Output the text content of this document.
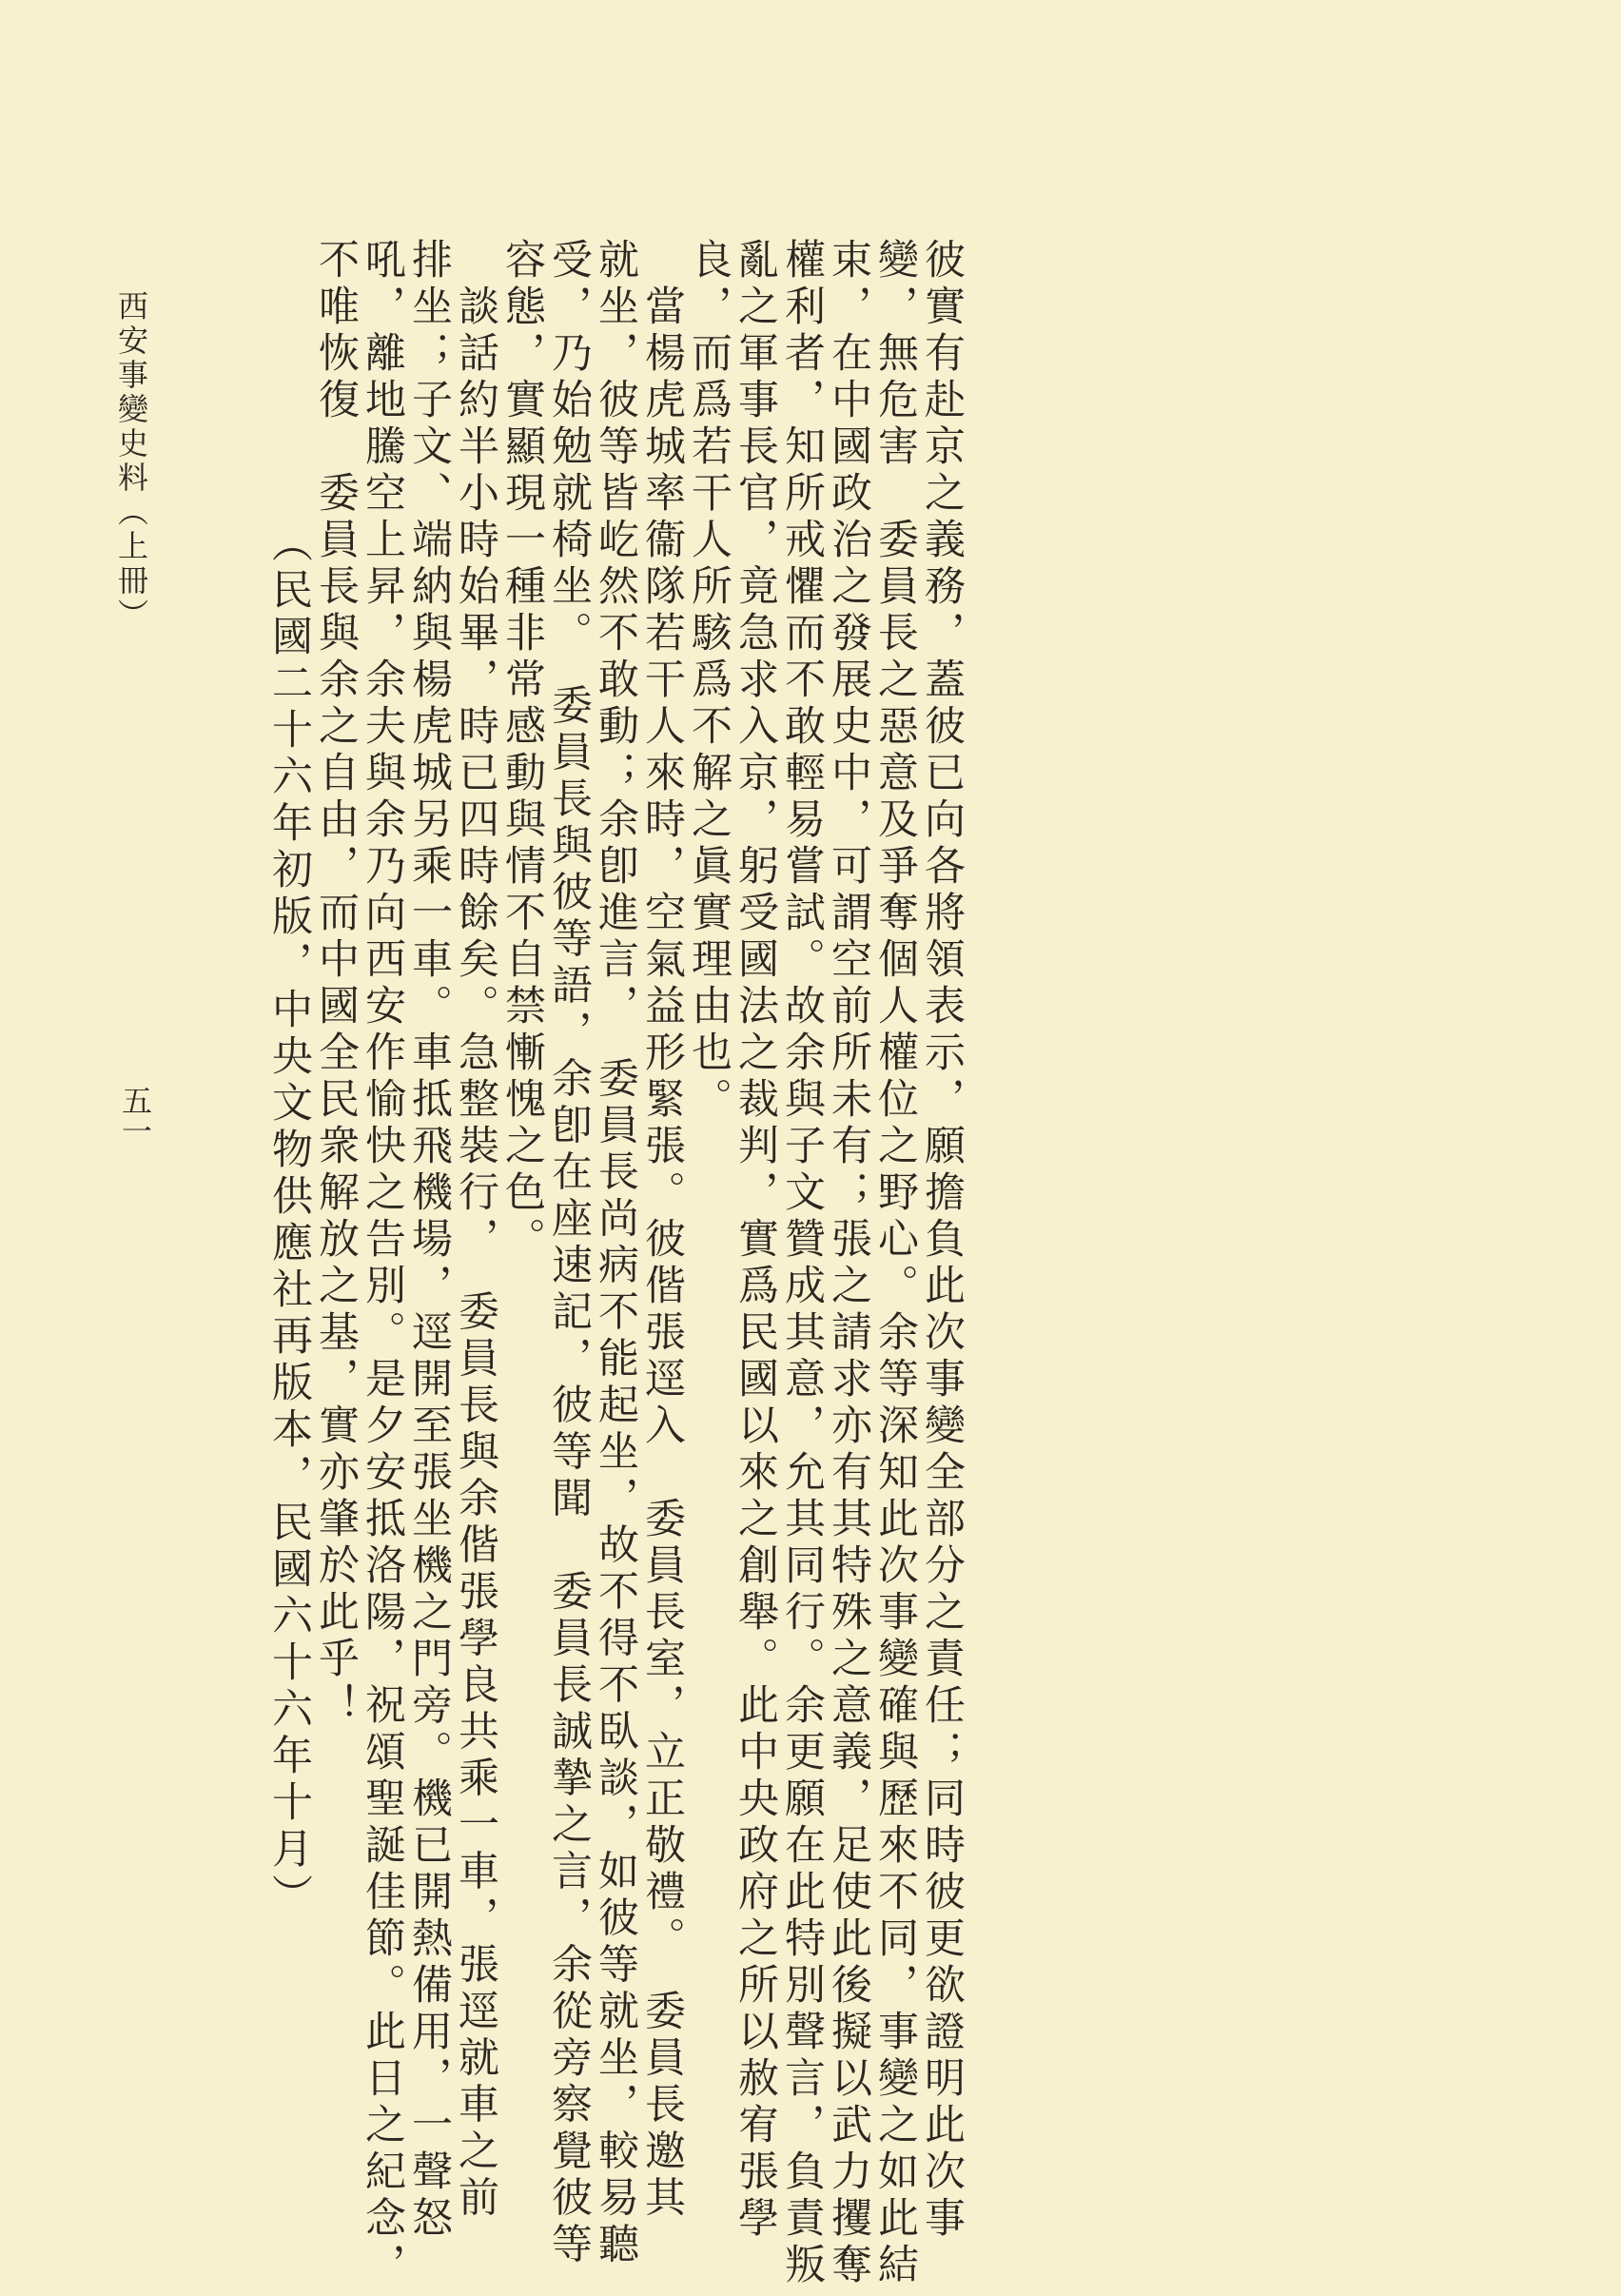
西安事變史料（上冊）
五一	彼實有赴京之義務，蓋彼已向各將領表示，願擔負此次事變全部分之責任；同時彼更欲證明此次事
變，無危害　委員長之惡意及爭奪個人權位之野心。余等深知此次事變確與歷來不同，事變之如此結
束，在中國政治之發展史中，可謂空前所未有；張之請求亦有其特殊之意義，足使此後擬以武力攫奪
權利者，知所戒懼而不敢輕易嘗試。故余與子文贊成其意，允其同行。余更願在此特別聲言，負責叛
亂之軍事長官，竟急求入京，躬受國法之裁判，實爲民國以來之創舉。此中央政府之所以赦宥張學
良，而爲若干人所駭爲不解之眞實理由也。
當楊虎城率衞隊若干人來時，空氣益形緊張。彼偕張逕入　委員長室，立正敬禮。　委員長邀其
就坐，彼等皆屹然不敢動；余卽進言，　委員長尚病不能起坐，故不得不臥談，如彼等就坐，較易聽
受，乃始勉就椅坐。　委員長與彼等語，余卽在座速記，彼等聞　委員長誠摯之言，余從旁察覺彼等
容態，實顯現一種非常感動與情不自禁慚愧之色。
談話約半小時始畢，時已四時餘矣。急整裝行，　委員長與余偕張學良共乘一車，張逕就車之前
排坐；子文、端納與楊虎城另乘一車。車抵飛機場，逕開至張坐機之門旁。機已開熱備用，一聲怒
吼，離地騰空上昇，余夫與余乃向西安作愉快之告別。是夕安抵洛陽，祝頌聖誕佳節。此日之紀念，
不唯恢復　委員長與余之自由，而中國全民衆解放之基，實亦肇於此乎！
（民國二十六年初版，中央文物供應社再版本，民國六十六年十月）
